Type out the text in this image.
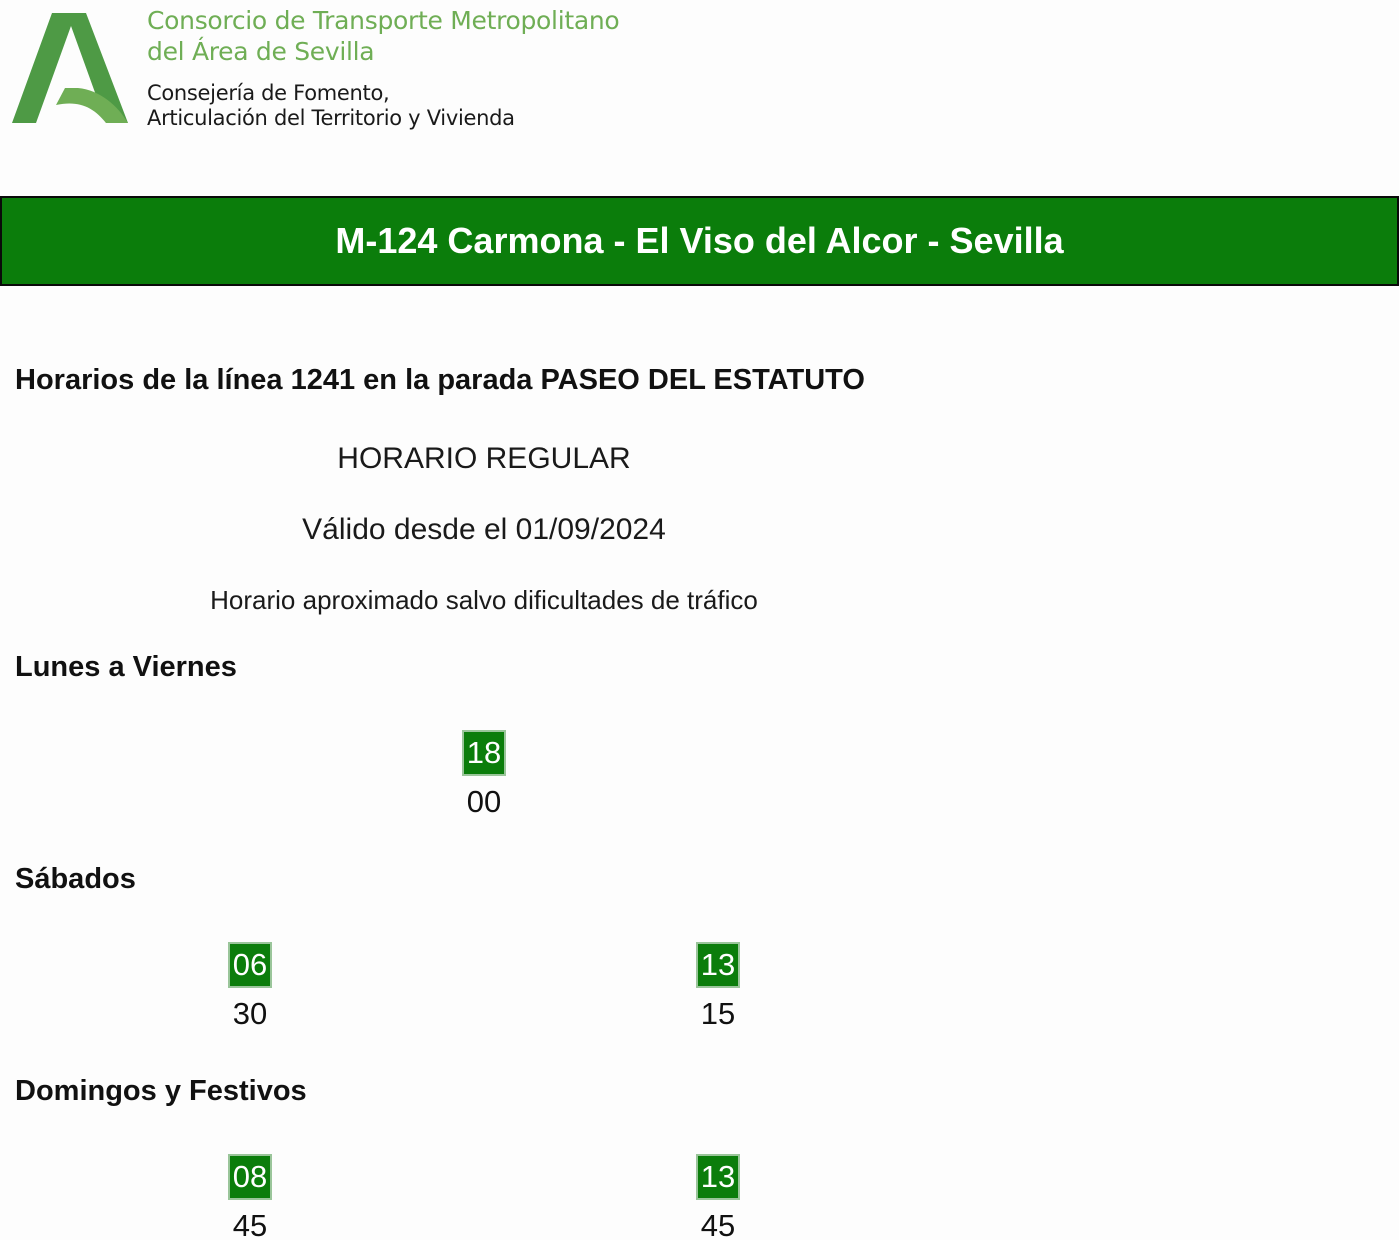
Consorcio de Transporte Metropolitano
del Área de Sevilla
Consejería de Fomento,
Articulación del Territorio y Vivienda
M-124 Carmona - El Viso del Alcor - Sevilla
Horarios de la línea 1241 en la parada PASEO DEL ESTATUTO
HORARIO REGULAR
Válido desde el 01/09/2024
Horario aproximado salvo dificultades de tráfico
Lunes a Viernes
18
00
Sábados
06
30
13
15
Domingos y Festivos
08
45
13
45
